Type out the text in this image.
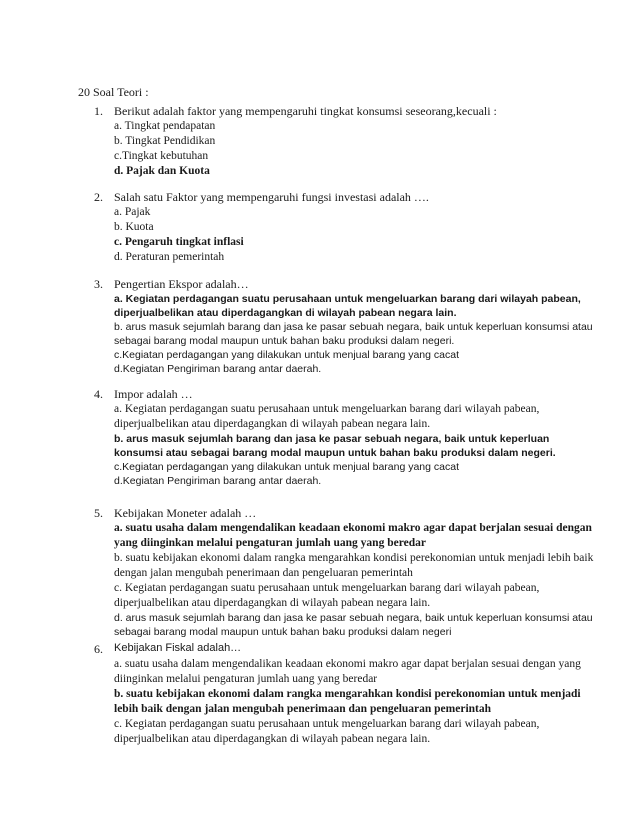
20 Soal Teori :
1. Berikut adalah faktor yang mempengaruhi tingkat konsumsi seseorang,kecuali :
a. Tingkat pendapatan
b. Tingkat Pendidikan
c.Tingkat kebutuhan
d. Pajak dan Kuota
2. Salah satu Faktor yang mempengaruhi fungsi investasi adalah ….
a. Pajak
b. Kuota
c. Pengaruh tingkat inflasi
d. Peraturan pemerintah
3. Pengertian Ekspor adalah…
a. Kegiatan perdagangan suatu perusahaan untuk mengeluarkan barang dari wilayah pabean, diperjualbelikan atau diperdagangkan di wilayah pabean negara lain.
b. arus masuk sejumlah barang dan jasa ke pasar sebuah negara, baik untuk keperluan konsumsi atau sebagai barang modal maupun untuk bahan baku produksi dalam negeri.
c.Kegiatan perdagangan yang dilakukan untuk menjual barang yang cacat
d.Kegiatan Pengiriman barang antar daerah.
4. Impor adalah …
a. Kegiatan perdagangan suatu perusahaan untuk mengeluarkan barang dari wilayah pabean, diperjualbelikan atau diperdagangkan di wilayah pabean negara lain.
b. arus masuk sejumlah barang dan jasa ke pasar sebuah negara, baik untuk keperluan konsumsi atau sebagai barang modal maupun untuk bahan baku produksi dalam negeri.
c.Kegiatan perdagangan yang dilakukan untuk menjual barang yang cacat
d.Kegiatan Pengiriman barang antar daerah.
5. Kebijakan Moneter adalah …
a. suatu usaha dalam mengendalikan keadaan ekonomi makro agar dapat berjalan sesuai dengan yang diinginkan melalui pengaturan jumlah uang yang beredar
b. suatu kebijakan ekonomi dalam rangka mengarahkan kondisi perekonomian untuk menjadi lebih baik dengan jalan mengubah penerimaan dan pengeluaran pemerintah
c. Kegiatan perdagangan suatu perusahaan untuk mengeluarkan barang dari wilayah pabean, diperjualbelikan atau diperdagangkan di wilayah pabean negara lain.
d. arus masuk sejumlah barang dan jasa ke pasar sebuah negara, baik untuk keperluan konsumsi atau sebagai barang modal maupun untuk bahan baku produksi dalam negeri
6.	Kebijakan Fiskal adalah…
a. suatu usaha dalam mengendalikan keadaan ekonomi makro agar dapat berjalan sesuai dengan yang diinginkan melalui pengaturan jumlah uang yang beredar
b. suatu kebijakan ekonomi dalam rangka mengarahkan kondisi perekonomian untuk menjadi lebih baik dengan jalan mengubah penerimaan dan pengeluaran pemerintah
c. Kegiatan perdagangan suatu perusahaan untuk mengeluarkan barang dari wilayah pabean, diperjualbelikan atau diperdagangkan di wilayah pabean negara lain.
